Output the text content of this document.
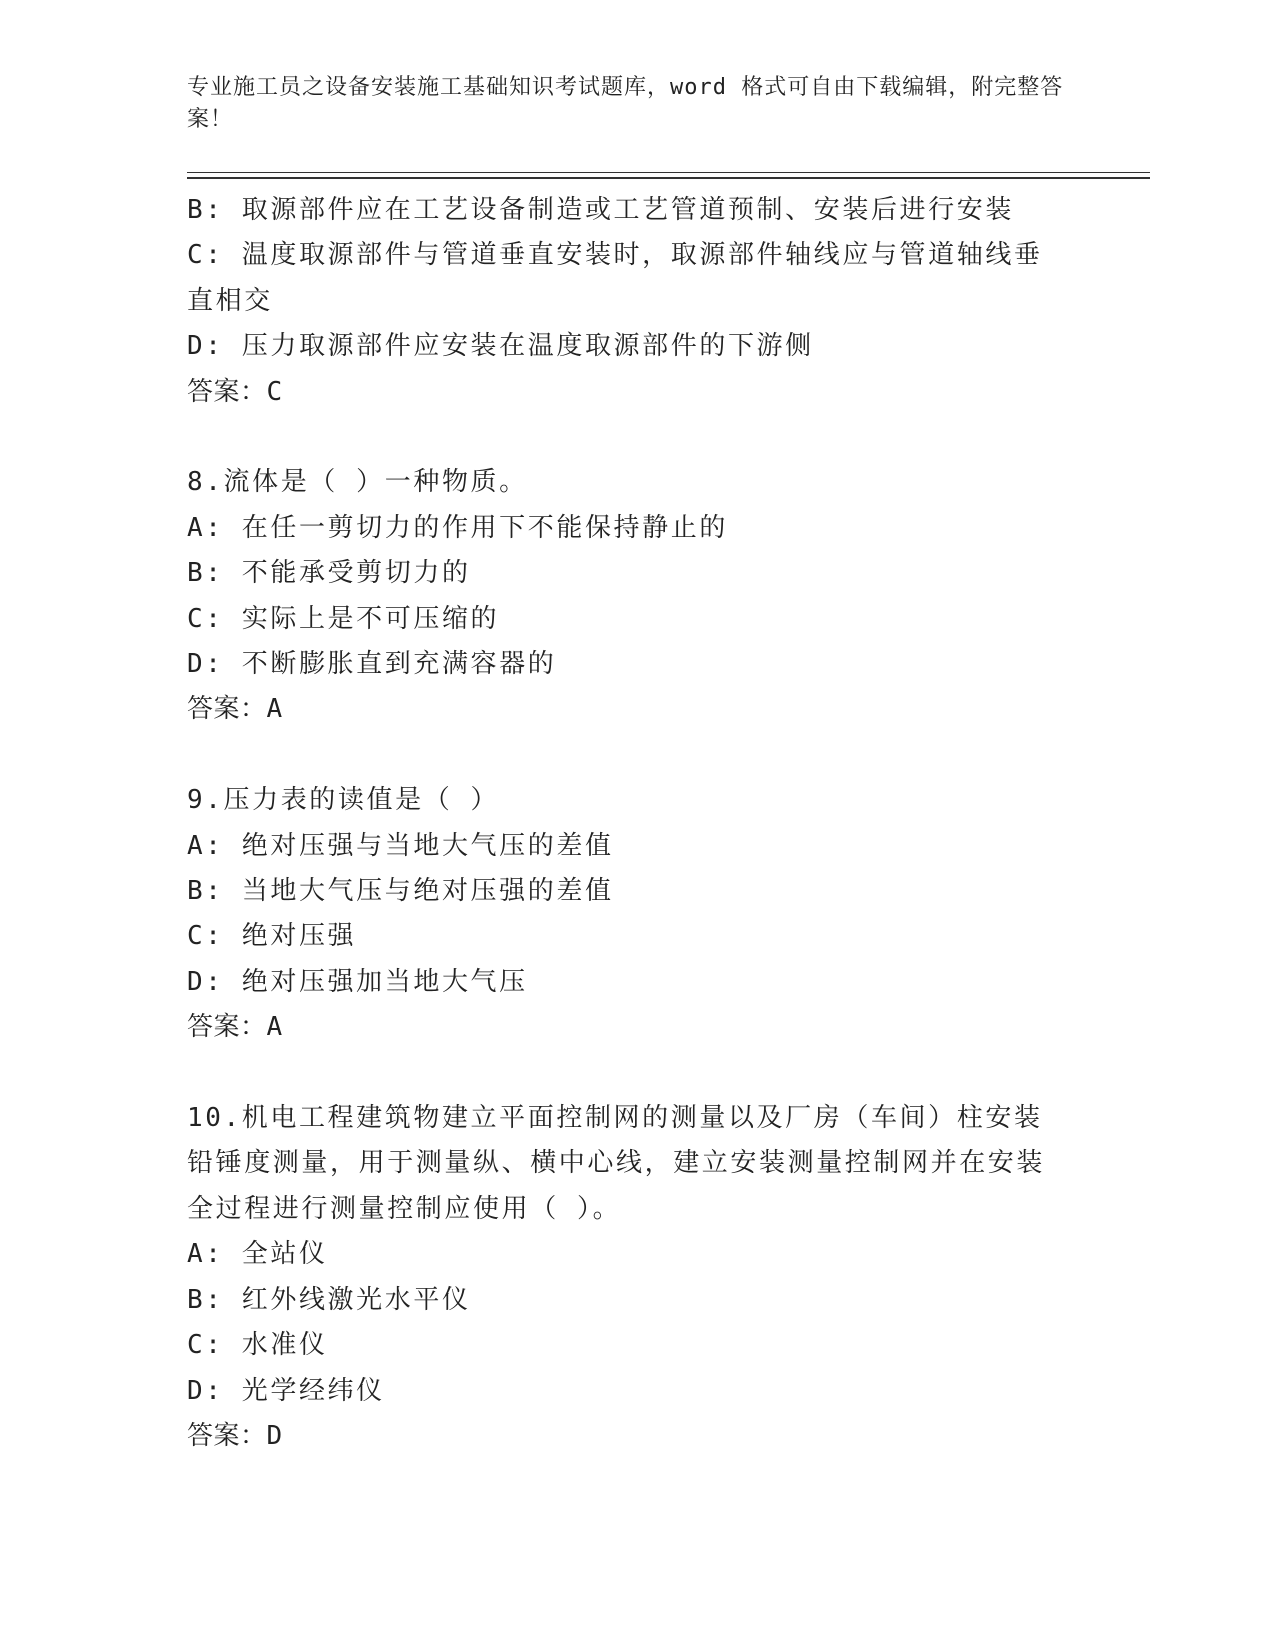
专业施工员之设备安装施工基础知识考试题库，word 格式可自由下载编辑，附完整答案！
B: 取源部件应在工艺设备制造或工艺管道预制、安装后进行安装
C: 温度取源部件与管道垂直安装时，取源部件轴线应与管道轴线垂直相交
D: 压力取源部件应安装在温度取源部件的下游侧
答案：C
8.流体是（ ）一种物质。
A: 在任一剪切力的作用下不能保持静止的
B: 不能承受剪切力的
C: 实际上是不可压缩的
D: 不断膨胀直到充满容器的
答案：A
9.压力表的读值是（ ）
A: 绝对压强与当地大气压的差值
B: 当地大气压与绝对压强的差值
C: 绝对压强
D: 绝对压强加当地大气压
答案：A
10.机电工程建筑物建立平面控制网的测量以及厂房（车间）柱安装铅锤度测量，用于测量纵、横中心线，建立安装测量控制网并在安装全过程进行测量控制应使用（ ）。
A: 全站仪
B: 红外线激光水平仪
C: 水准仪
D: 光学经纬仪
答案：D
